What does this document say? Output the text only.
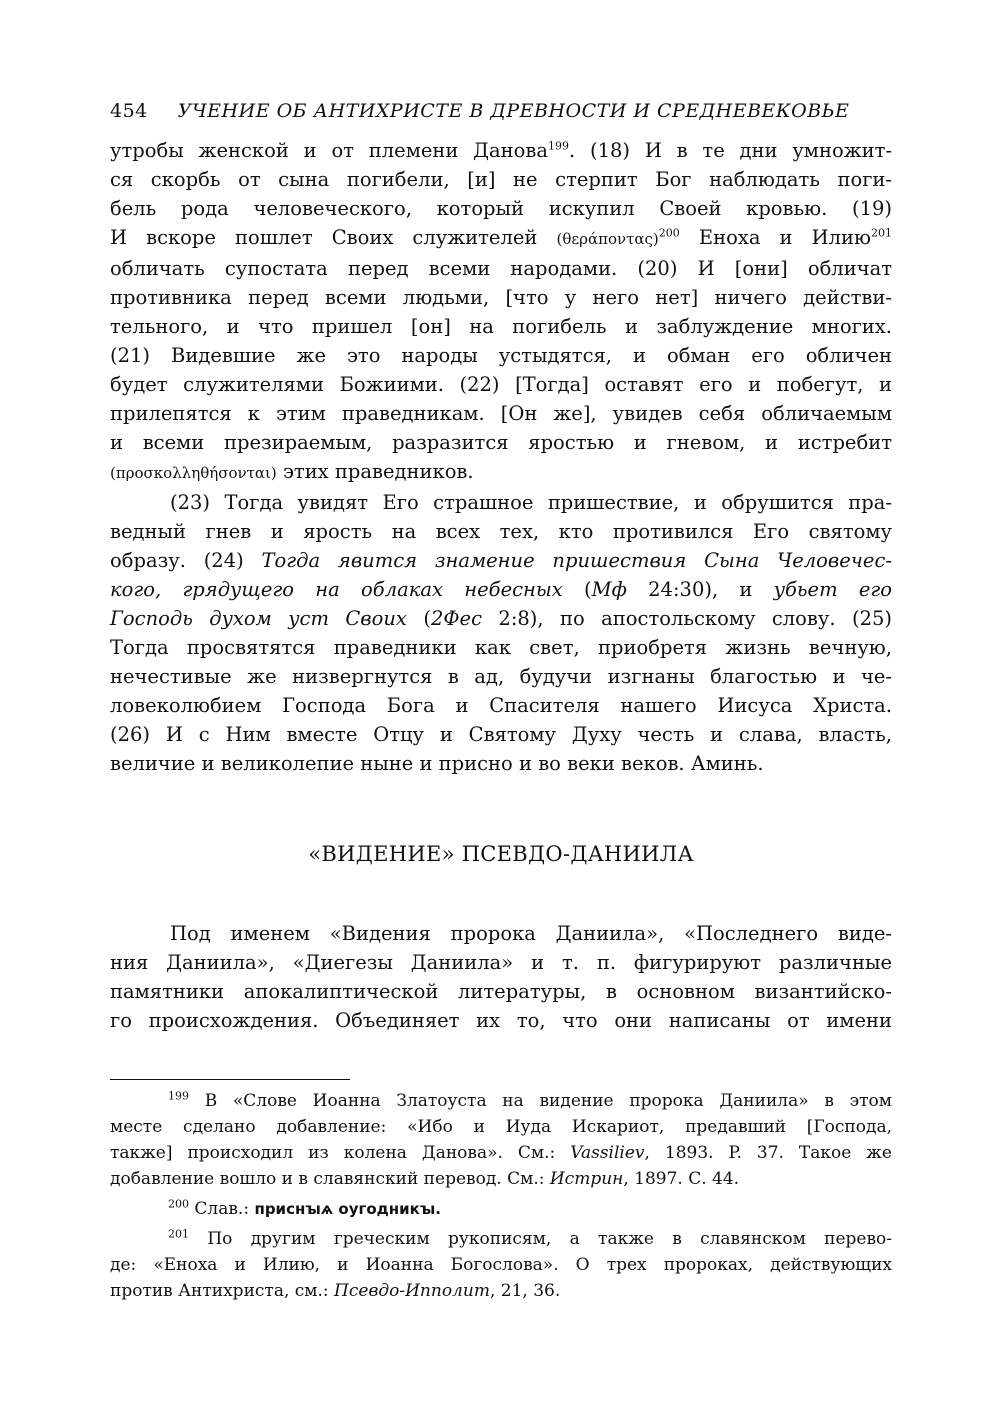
454 УЧЕНИЕ ОБ АНТИХРИСТЕ В ДРЕВНОСТИ И СРЕДНЕВЕКОВЬЕ

утробы женской и от племени Данова$^{199}$. (18) И в те дни умножит-
ся скорбь от сына погибели, [и] не стерпит Бог наблюдать поги-
бель рода человеческого, который искупил Своей кровью. (19)
И вскоре пошлет Своих служителей $(\theta\varepsilon\rho ά\pi o\nu\tau\alpha\varsigma)^{200}$ Еноха и Илию$^{201}$
обличать супостата перед всеми народами. (20) И [они] обличат
противника перед всеми людьми, [что у него нет] ничего действи-
тельного, и что пришел [он] на погибель и заблуждение многих.
(21) Видевшие же это народы устыдятся, и обман его обличен
будет служителями Божиими. (22) [Тогда] оставят его и побегут, и
прилепятся к этим праведникам. [Он же], увидев себя обличаемым
и всеми презираемым, разразится яростью и гневом, и истребит
(προσκολληθήσονται) этих праведников.

(23) Тогда увидят Его страшное пришествие, и обрушится пра-
ведный гнев и ярость на всех тех, кто противился Его святому
образу. (24) Тогда явится знамение пришествия Сына Человечес-
кого, грядущего на облаках небесных (Мф 24:30), и убьет его
Господь духом уст Своих (2Фес 2:8), по апостольскому слову. (25)
Тогда просвятятся праведники как свет, приобретя жизнь вечную,
нечестивые же низвергнутся в ад, будучи изгнаны благостью и че-
ловеколюбием Господа Бога и Спасителя нашего Иисуса Христа.
(26) И с Ним вместе Отцу и Святому Духу честь и слава, власть,
величие и великолепие ныне и присно и во веки веков. Аминь.

«ВИДЕНИЕ» ПСЕВДО-ДАНИИЛА

Под именем «Видения пророка Даниила», «Последнего виде-
ния Даниила», «Диегезы Даниила» и т. п. фигурируют различные
памятники апокалиптической литературы, в основном византийско-
го происхождения. Объединяет их то, что они написаны от имени

$^{199}$ В «Слове Иоанна Златоуста на видение пророка Даниила» в этом
месте сделано добавление: «Ибо и Иуда Искариот, предавший [Господа,
также] происходил из колена Данова». См.: Vassiliev, 1893. P. 37. Такое же
добавление вошло и в славянский перевод. См.: Истрин, 1897. С. 44.

$^{200}$ Слав.: приснꙑѧ оугодникꙑ.

$^{201}$ По другим греческим рукописям, а также в славянском перево-
де: «Еноха и Илию, и Иоанна Богослова». О трех пророках, действующих
против Антихриста, см.: Псевдо-Ипполит, 21, 36.
